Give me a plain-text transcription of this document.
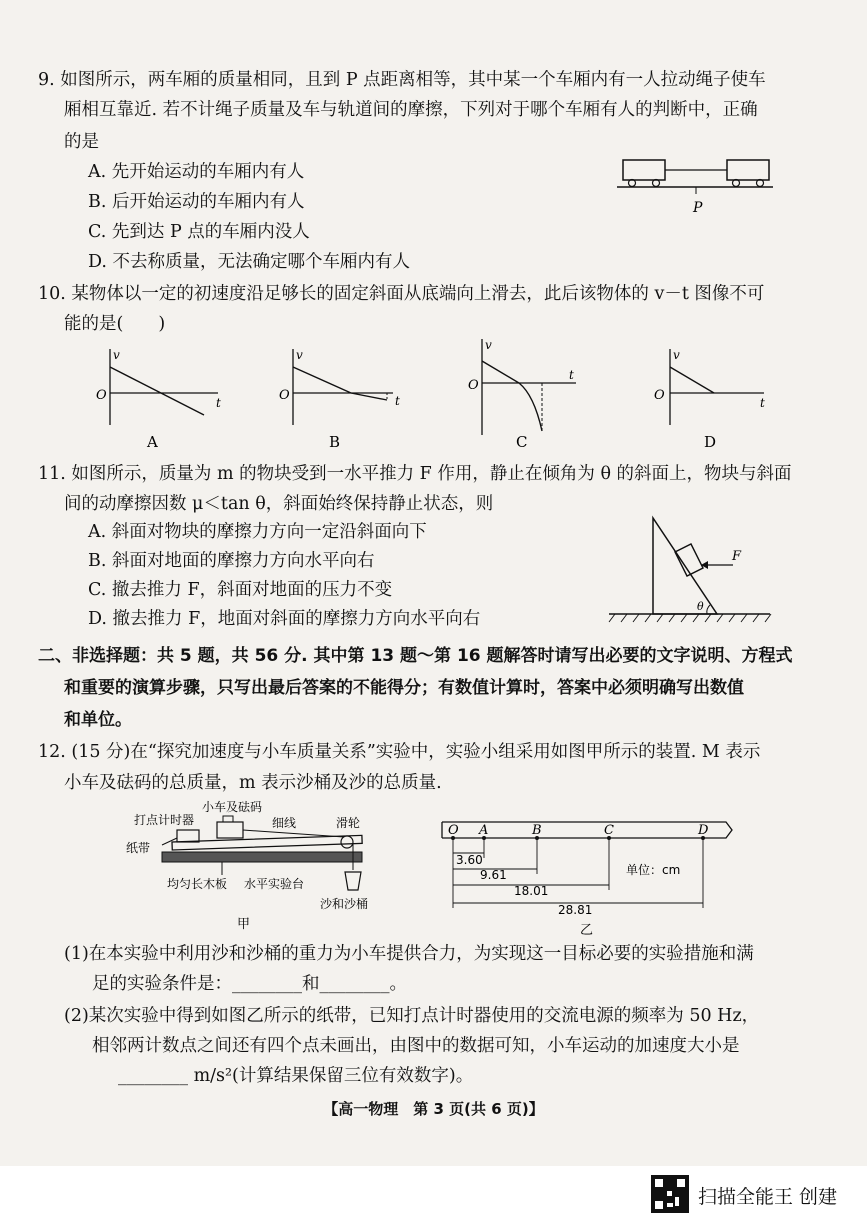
9. 如图所示，两车厢的质量相同，且到 P 点距离相等，其中某一个车厢内有一人拉动绳子使车
厢相互靠近. 若不计绳子质量及车与轨道间的摩擦，下列对于哪个车厢有人的判断中，正确
的是
A. 先开始运动的车厢内有人
B. 后开始运动的车厢内有人
C. 先到达 P 点的车厢内没人
D. 不去称质量，无法确定哪个车厢内有人
P
10. 某物体以一定的初速度沿足够长的固定斜面从底端向上滑去，此后该物体的 v－t 图像不可
能的是(　　)
v
O	t
A
v
O	t
B
v
O
t
C
v
O	t
D
11. 如图所示，质量为 m 的物块受到一水平推力 F 作用，静止在倾角为 θ 的斜面上，物块与斜面
间的动摩擦因数 μ＜tan θ，斜面始终保持静止状态，则
A. 斜面对物块的摩擦力方向一定沿斜面向下
B. 斜面对地面的摩擦力方向水平向右
C. 撤去推力 F，斜面对地面的压力不变
D. 撤去推力 F，地面对斜面的摩擦力方向水平向右
F
θ
二、非选择题：共 5 题，共 56 分. 其中第 13 题～第 16 题解答时请写出必要的文字说明、方程式
和重要的演算步骤，只写出最后答案的不能得分；有数值计算时，答案中必须明确写出数值
和单位。
12. (15 分)在“探究加速度与小车质量关系”实验中，实验小组采用如图甲所示的装置. M 表示
小车及砝码的总质量，m 表示沙桶及沙的总质量.
打点计时器
小车及砝码
细线	滑轮
纸带
均匀长木板 水平实验台
沙和沙桶
甲
O A	B	C	D
3.60
9.61
18.01
28.81
单位：cm
乙
(1)在本实验中利用沙和沙桶的重力为小车提供合力，为实现这一目标必要的实验措施和满
足的实验条件是：________和________。
(2)某次实验中得到如图乙所示的纸带，已知打点计时器使用的交流电源的频率为 50 Hz，
相邻两计数点之间还有四个点未画出，由图中的数据可知，小车运动的加速度大小是
________ m/s²(计算结果保留三位有效数字)。
【高一物理　第 3 页(共 6 页)】
扫描全能王 创建
